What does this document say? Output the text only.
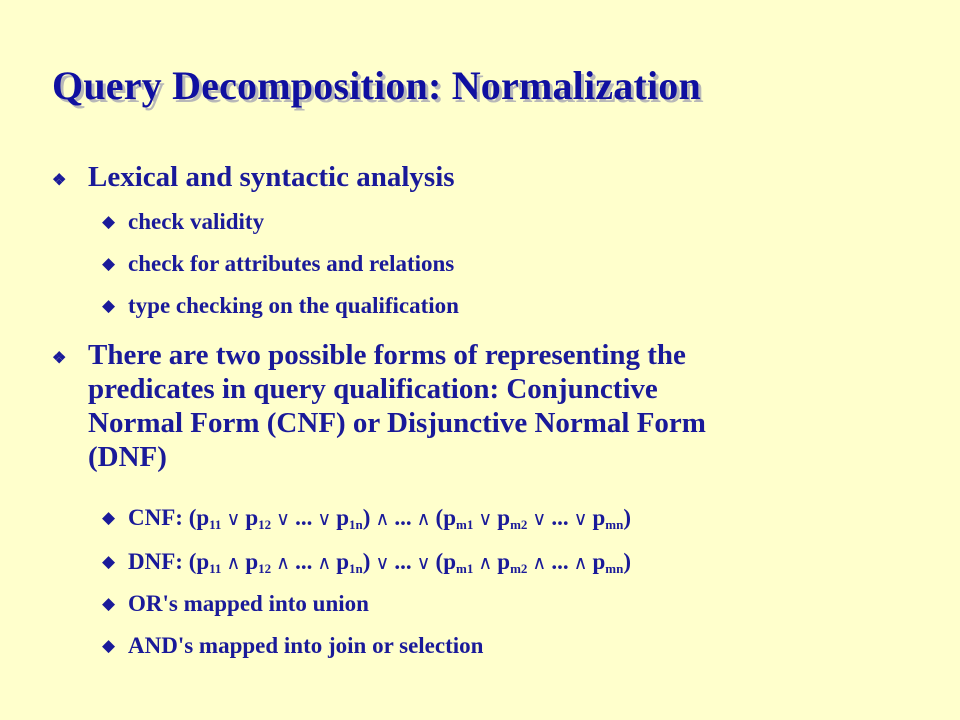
Query Decomposition: Normalization
❖ Lexical and syntactic analysis
◆ check validity
◆ check for attributes and relations
◆ type checking on the qualification
❖ There are two possible forms of representing the
predicates in query qualification: Conjunctive
Normal Form (CNF) or Disjunctive Normal Form
(DNF)
◆ CNF: ($p_{11}$ ∨ $p_{12}$ ∨ ... ∨ $p_{1n}$) ∧ ... ∧ ($p_{m1}$ ∨ $p_{m2}$ ∨ ... ∨ $p_{mn}$)
◆ DNF: ($p_{11}$ ∧ $p_{12}$ ∧ ... ∧ $p_{1n}$) ∨ ... ∨ ($p_{m1}$ ∧ $p_{m2}$ ∧ ... ∧ $p_{mn}$)
◆ OR's mapped into union
◆ AND's mapped into join or selection
